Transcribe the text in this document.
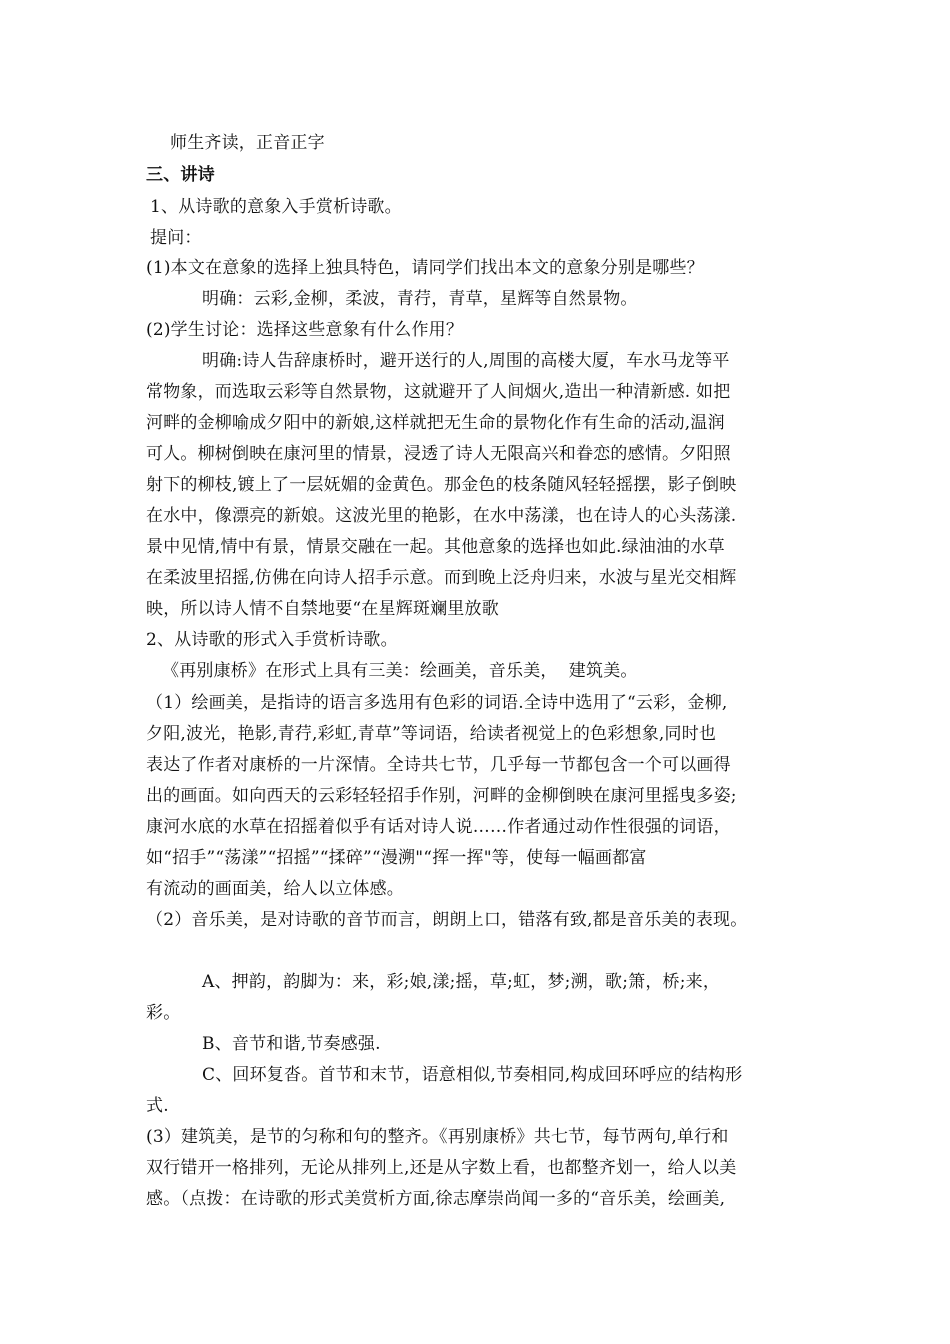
师生齐读，正音正字
三、讲诗
1、从诗歌的意象入手赏析诗歌。
提问：
(1)本文在意象的选择上独具特色，请同学们找出本文的意象分别是哪些？
明确：云彩,金柳，柔波，青荇，青草，星辉等自然景物。
(2)学生讨论：选择这些意象有什么作用？
明确:诗人告辞康桥时，避开送行的人,周围的高楼大厦，车水马龙等平
常物象，而选取云彩等自然景物，这就避开了人间烟火,造出一种清新感. 如把
河畔的金柳喻成夕阳中的新娘,这样就把无生命的景物化作有生命的活动,温润
可人。柳树倒映在康河里的情景，浸透了诗人无限高兴和眷恋的感情。夕阳照
射下的柳枝,镀上了一层妩媚的金黄色。那金色的枝条随风轻轻摇摆，影子倒映
在水中，像漂亮的新娘。这波光里的艳影，在水中荡漾，也在诗人的心头荡漾.
景中见情,情中有景，情景交融在一起。其他意象的选择也如此.绿油油的水草
在柔波里招摇,仿佛在向诗人招手示意。而到晚上泛舟归来，水波与星光交相辉
映，所以诗人情不自禁地要“在星辉斑斓里放歌
2、从诗歌的形式入手赏析诗歌。
《再别康桥》在形式上具有三美：绘画美，音乐美，  建筑美。
（1）绘画美，是指诗的语言多选用有色彩的词语.全诗中选用了“云彩，金柳,
夕阳,波光，艳影,青荇,彩虹,青草”等词语，给读者视觉上的色彩想象,同时也
表达了作者对康桥的一片深情。全诗共七节，几乎每一节都包含一个可以画得
出的画面。如向西天的云彩轻轻招手作别，河畔的金柳倒映在康河里摇曳多姿;
康河水底的水草在招摇着似乎有话对诗人说……作者通过动作性很强的词语，
如“招手”“荡漾”“招摇”“揉碎”“漫溯"“挥一挥"等，使每一幅画都富
有流动的画面美，给人以立体感。
（2）音乐美，是对诗歌的音节而言，朗朗上口，错落有致,都是音乐美的表现。
A、押韵，韵脚为：来，彩;娘,漾;摇，草;虹，梦;溯，歌;箫，桥;来，
彩。
B、音节和谐,节奏感强.
C、回环复沓。首节和末节，语意相似,节奏相同,构成回环呼应的结构形
式.
(3）建筑美，是节的匀称和句的整齐。《再别康桥》共七节，每节两句,单行和
双行错开一格排列，无论从排列上,还是从字数上看，也都整齐划一，给人以美
感。（点拨：在诗歌的形式美赏析方面,徐志摩崇尚闻一多的“音乐美，绘画美,
